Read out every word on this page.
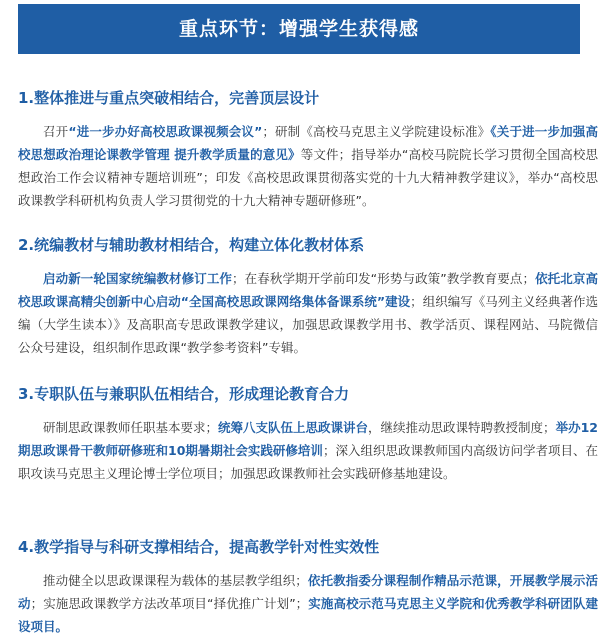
重点环节：增强学生获得感
1.整体推进与重点突破相结合，完善顶层设计
召开“进一步办好高校思政课视频会议”；研制《高校马克思主义学院建设标准》《关于进一步加强高校思想政治理论课教学管理 提升教学质量的意见》等文件；指导举办“高校马院院长学习贯彻全国高校思想政治工作会议精神专题培训班”；印发《高校思政课贯彻落实党的十九大精神教学建议》，举办“高校思政课教学科研机构负责人学习贯彻党的十九大精神专题研修班”。
2.统编教材与辅助教材相结合，构建立体化教材体系
启动新一轮国家统编教材修订工作；在春秋学期开学前印发“形势与政策”教学教育要点；依托北京高校思政课高精尖创新中心启动“全国高校思政课网络集体备课系统”建设；组织编写《马列主义经典著作选编（大学生读本）》及高职高专思政课教学建议，加强思政课教学用书、教学活页、课程网站、马院微信公众号建设，组织制作思政课“教学参考资料”专辑。
3.专职队伍与兼职队伍相结合，形成理论教育合力
研制思政课教师任职基本要求；统筹八支队伍上思政课讲台，继续推动思政课特聘教授制度；举办12期思政课骨干教师研修班和10期暑期社会实践研修培训；深入组织思政课教师国内高级访问学者项目、在职攻读马克思主义理论博士学位项目；加强思政课教师社会实践研修基地建设。
4.教学指导与科研支撑相结合，提高教学针对性实效性
推动健全以思政课课程为载体的基层教学组织；依托教指委分课程制作精品示范课，开展教学展示活动；实施思政课教学方法改革项目“择优推广计划”；实施高校示范马克思主义学院和优秀教学科研团队建设项目。
